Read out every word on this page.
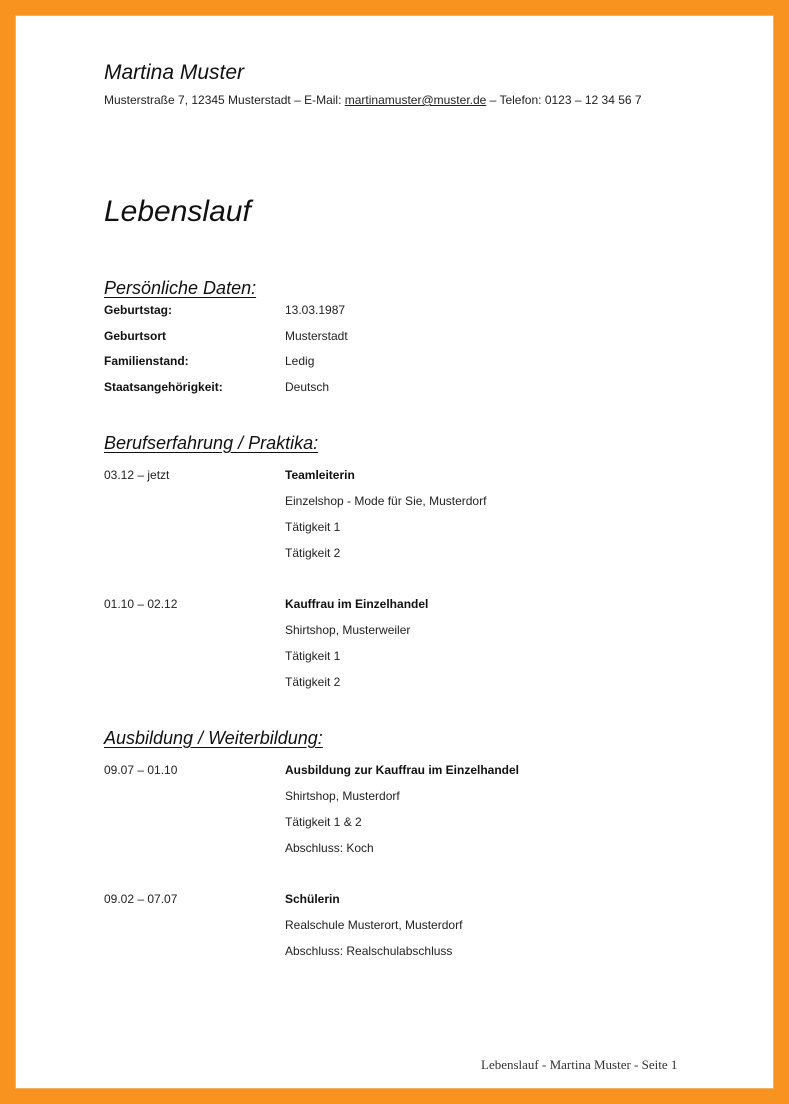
Martina Muster
Musterstraße 7, 12345 Musterstadt – E-Mail: martinamuster@muster.de – Telefon: 0123 – 12 34 56 7
Lebenslauf
Persönliche Daten:
Geburtstag:	13.03.1987
Geburtsort	Musterstadt
Familienstand:	Ledig
Staatsangehörigkeit:	Deutsch
Berufserfahrung / Praktika:
03.12 – jetzt	Teamleiterin
Einzelshop - Mode für Sie, Musterdorf
Tätigkeit 1
Tätigkeit 2
01.10 – 02.12	Kauffrau im Einzelhandel
Shirtshop, Musterweiler
Tätigkeit 1
Tätigkeit 2
Ausbildung / Weiterbildung:
09.07 – 01.10	Ausbildung zur Kauffrau im Einzelhandel
Shirtshop, Musterdorf
Tätigkeit 1 & 2
Abschluss: Koch
09.02 – 07.07	Schülerin
Realschule Musterort, Musterdorf
Abschluss: Realschulabschluss
Lebenslauf - Martina Muster - Seite 1
